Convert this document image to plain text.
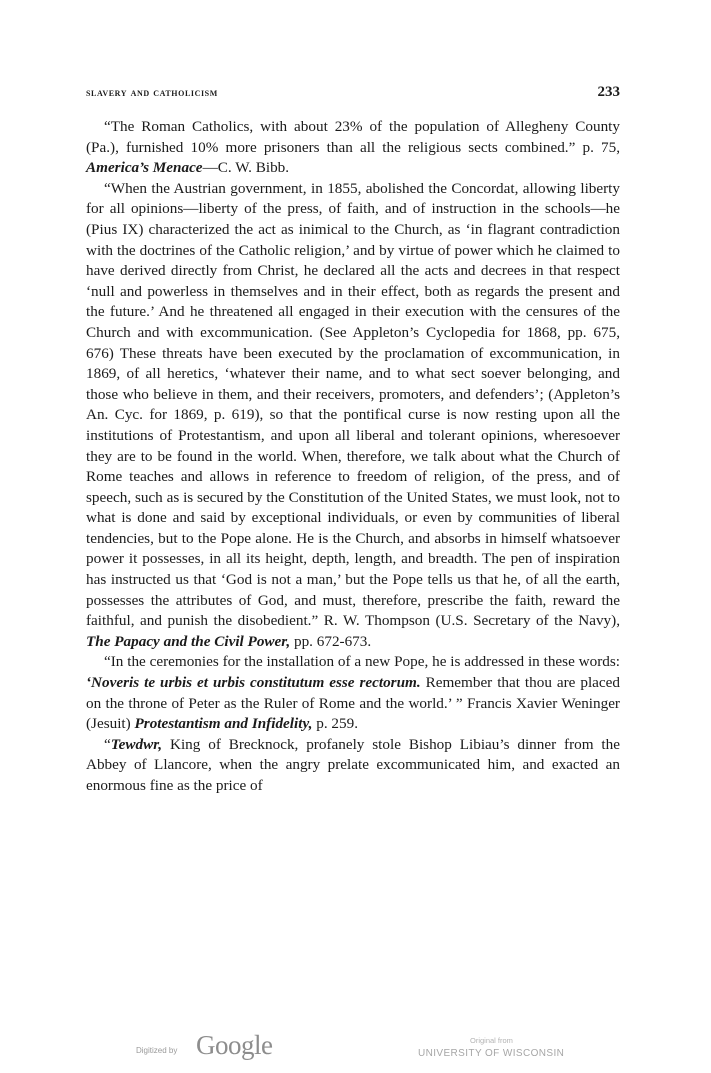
slavery and catholicism	233

“The Roman Catholics, with about 23% of the population of Allegheny County (Pa.), furnished 10% more prisoners than all the religious sects combined.” p. 75, America’s Menace—C. W. Bibb.

“When the Austrian government, in 1855, abolished the Concordat, allowing liberty for all opinions—liberty of the press, of faith, and of instruction in the schools—he (Pius IX) characterized the act as inimical to the Church, as ‘in flagrant contradiction with the doctrines of the Catholic religion,’ and by virtue of power which he claimed to have derived directly from Christ, he declared all the acts and decrees in that respect ‘null and powerless in themselves and in their effect, both as regards the present and the future.’ And he threatened all engaged in their execution with the censures of the Church and with excommunication. (See Appleton’s Cyclopedia for 1868, pp. 675, 676) These threats have been executed by the proclamation of excommunication, in 1869, of all heretics, ‘whatever their name, and to what sect soever belonging, and those who believe in them, and their receivers, promoters, and defenders’; (Appleton’s An. Cyc. for 1869, p. 619), so that the pontifical curse is now resting upon all the institutions of Protestantism, and upon all liberal and tolerant opinions, wheresoever they are to be found in the world. When, therefore, we talk about what the Church of Rome teaches and allows in reference to freedom of religion, of the press, and of speech, such as is secured by the Constitution of the United States, we must look, not to what is done and said by exceptional individuals, or even by communities of liberal tendencies, but to the Pope alone. He is the Church, and absorbs in himself whatsoever power it possesses, in all its height, depth, length, and breadth. The pen of inspiration has instructed us that ‘God is not a man,’ but the Pope tells us that he, of all the earth, possesses the attributes of God, and must, therefore, prescribe the faith, reward the faithful, and punish the disobedient.” R. W. Thompson (U.S. Secretary of the Navy), The Papacy and the Civil Power, pp. 672-673.

“In the ceremonies for the installation of a new Pope, he is addressed in these words: ‘Noveris te urbis et urbis constitutum esse rectorum. Remember that thou are placed on the throne of Peter as the Ruler of Rome and the world.’ ” Francis Xavier Weninger (Jesuit) Protestantism and Infidelity, p. 259.

“Tewdwr, King of Brecknock, profanely stole Bishop Libiau’s dinner from the Abbey of Llancore, when the angry prelate excommunicated him, and exacted an enormous fine as the price of

Digitized by Google	Original from
UNIVERSITY OF WISCONSIN
